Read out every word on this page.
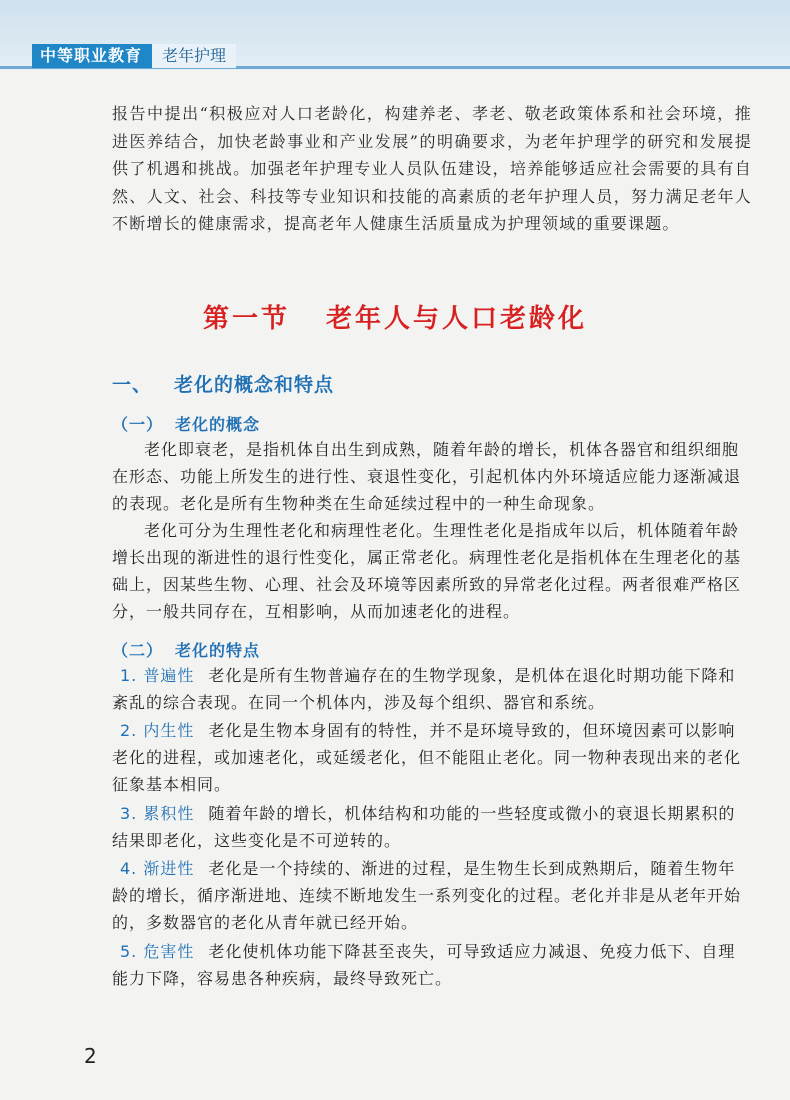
中等职业教育	老年护理

报告中提出“积极应对人口老龄化，构建养老、孝老、敬老政策体系和社会环境，推进医养结合，加快老龄事业和产业发展”的明确要求，为老年护理学的研究和发展提供了机遇和挑战。加强老年护理专业人员队伍建设，培养能够适应社会需要的具有自然、人文、社会、科技等专业知识和技能的高素质的老年护理人员，努力满足老年人不断增长的健康需求，提高老年人健康生活质量成为护理领域的重要课题。

第一节 老年人与人口老龄化
一、 老化的概念和特点
（一） 老化的概念

老化即衰老，是指机体自出生到成熟，随着年龄的增长，机体各器官和组织细胞在形态、功能上所发生的进行性、衰退性变化，引起机体内外环境适应能力逐渐减退的表现。老化是所有生物种类在生命延续过程中的一种生命现象。

老化可分为生理性老化和病理性老化。生理性老化是指成年以后，机体随着年龄增长出现的渐进性的退行性变化，属正常老化。病理性老化是指机体在生理老化的基础上，因某些生物、心理、社会及环境等因素所致的异常老化过程。两者很难严格区分，一般共同存在，互相影响，从而加速老化的进程。

（二） 老化的特点

1. 普遍性 老化是所有生物普遍存在的生物学现象，是机体在退化时期功能下降和紊乱的综合表现。在同一个机体内，涉及每个组织、器官和系统。

2. 内生性 老化是生物本身固有的特性，并不是环境导致的，但环境因素可以影响老化的进程，或加速老化，或延缓老化，但不能阻止老化。同一物种表现出来的老化征象基本相同。

3. 累积性 随着年龄的增长，机体结构和功能的一些轻度或微小的衰退长期累积的结果即老化，这些变化是不可逆转的。

4. 渐进性 老化是一个持续的、渐进的过程，是生物生长到成熟期后，随着生物年龄的增长，循序渐进地、连续不断地发生一系列变化的过程。老化并非是从老年开始的，多数器官的老化从青年就已经开始。

5. 危害性 老化使机体功能下降甚至丧失，可导致适应力减退、免疫力低下、自理能力下降，容易患各种疾病，最终导致死亡。

2
